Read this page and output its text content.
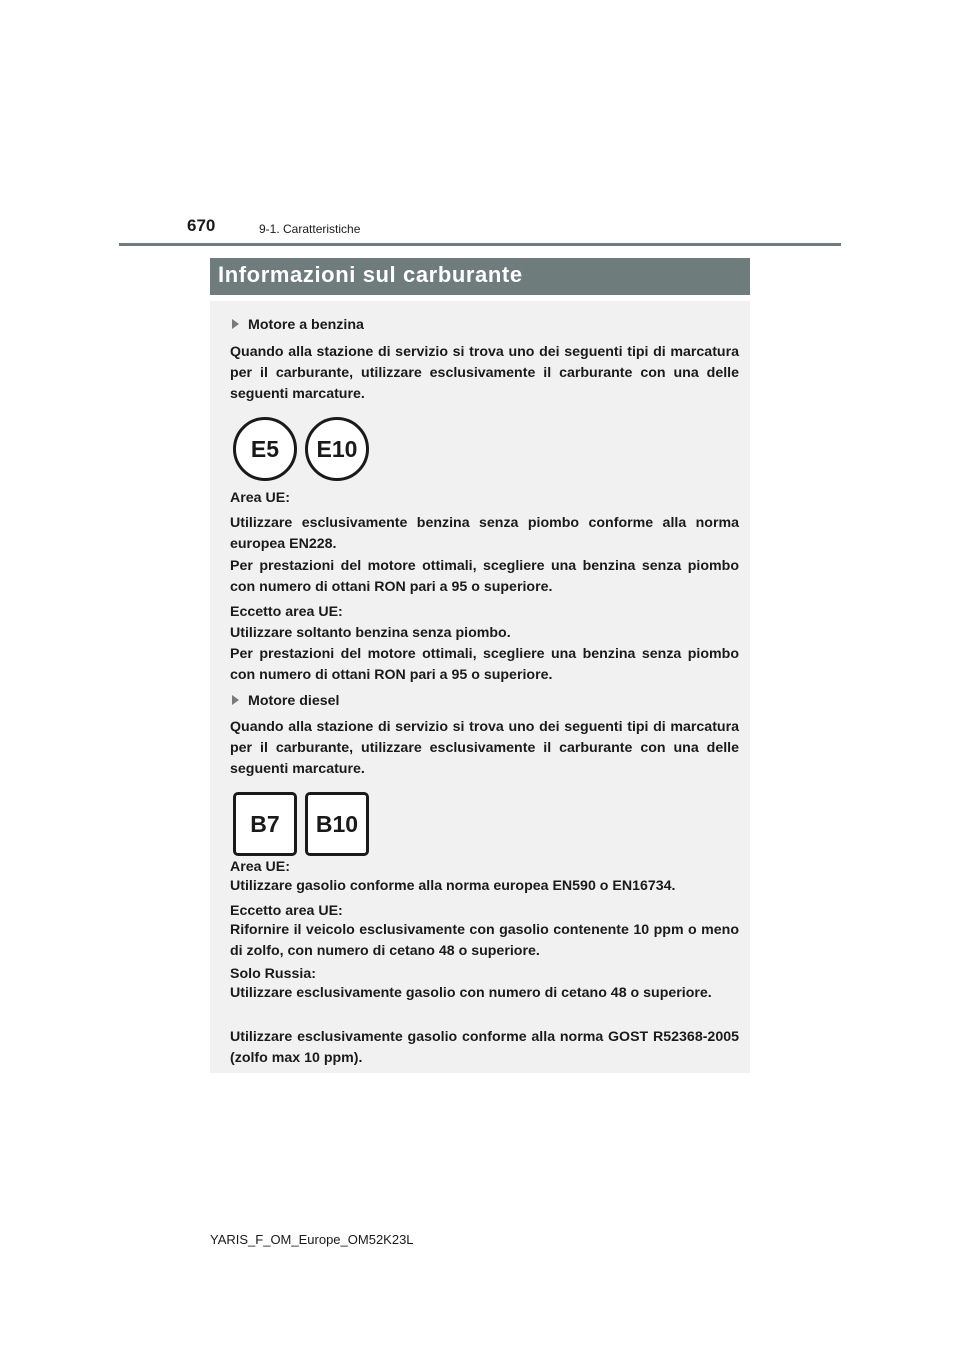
670	9-1. Caratteristiche
Informazioni sul carburante
Motore a benzina

Quando alla stazione di servizio si trova uno dei seguenti tipi di marcatura per il carburante, utilizzare esclusivamente il carburante con una delle seguenti marcature.

E5 E10
Area UE:

Utilizzare esclusivamente benzina senza piombo conforme alla norma europea EN228.

Per prestazioni del motore ottimali, scegliere una benzina senza piombo con numero di ottani RON pari a 95 o superiore.

Eccetto area UE:
Utilizzare soltanto benzina senza piombo.

Per prestazioni del motore ottimali, scegliere una benzina senza piombo con numero di ottani RON pari a 95 o superiore.

Motore diesel

Quando alla stazione di servizio si trova uno dei seguenti tipi di marcatura per il carburante, utilizzare esclusivamente il carburante con una delle seguenti marcature.

B7 B10
Area UE:
Utilizzare gasolio conforme alla norma europea EN590 o EN16734.
Eccetto area UE:

Rifornire il veicolo esclusivamente con gasolio contenente 10 ppm o meno di zolfo, con numero di cetano 48 o superiore.

Solo Russia:

Utilizzare esclusivamente gasolio con numero di cetano 48 o superiore.

Utilizzare esclusivamente gasolio conforme alla norma GOST R52368-2005 (zolfo max 10 ppm).

YARIS_F_OM_Europe_OM52K23L
